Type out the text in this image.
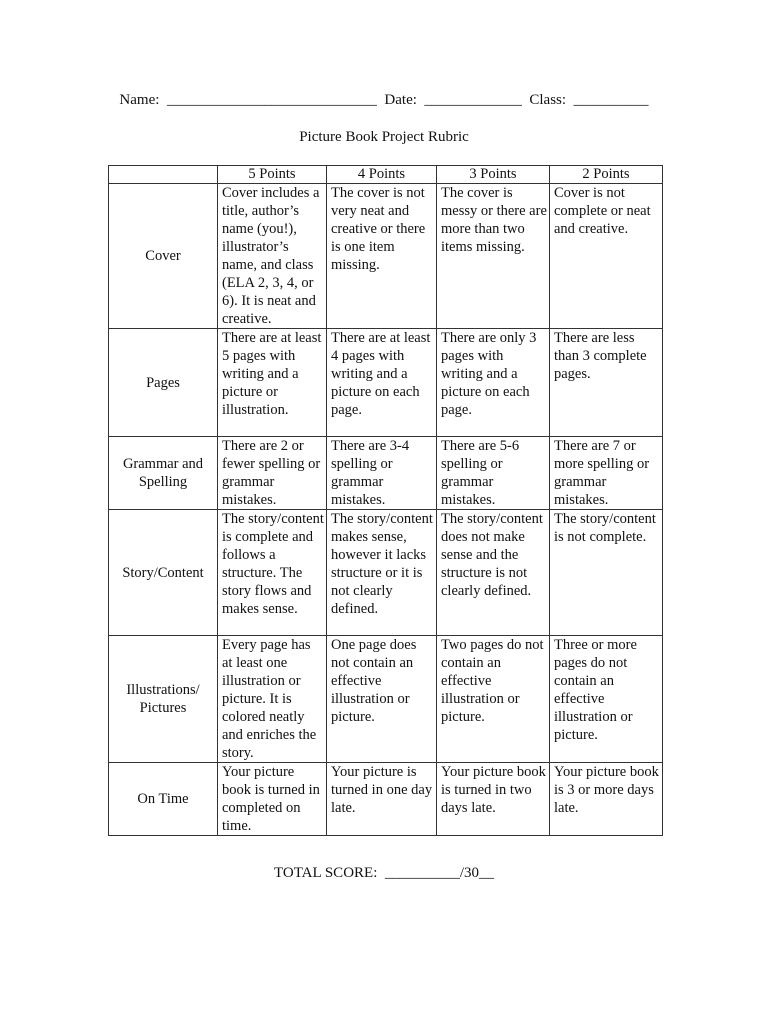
Name:  ____________________________  Date:  _____________  Class:  __________
Picture Book Project Rubric
	5 Points	4 Points	3 Points	2 Points
Cover	Cover includes a title, author’s name (you!), illustrator’s name, and class (ELA 2, 3, 4, or 6). It is neat and creative.	The cover is not very neat and creative or there is one item missing.	The cover is messy or there are more than two items missing.	Cover is not complete or neat and creative.
Pages	There are at least 5 pages with writing and a picture or illustration.	There are at least 4 pages with writing and a picture on each page.	There are only 3 pages with writing and a picture on each page.	There are less than 3 complete pages.
Grammar and Spelling	There are 2 or fewer spelling or grammar mistakes.	There are 3-4 spelling or grammar mistakes.	There are 5-6 spelling or grammar mistakes.	There are 7 or more spelling or grammar mistakes.
Story/Content	The story/content is complete and follows a structure. The story flows and makes sense.	The story/content makes sense, however it lacks structure or it is not clearly defined.	The story/content does not make sense and the structure is not clearly defined.	The story/content is not complete.
Illustrations/ Pictures	Every page has at least one illustration or picture. It is colored neatly and enriches the story.	One page does not contain an effective illustration or picture.	Two pages do not contain an effective illustration or picture.	Three or more pages do not contain an effective illustration or picture.
On Time	Your picture book is turned in completed on time.	Your picture is turned in one day late.	Your picture book is turned in two days late.	Your picture book is 3 or more days late.
TOTAL SCORE:  __________/30__
